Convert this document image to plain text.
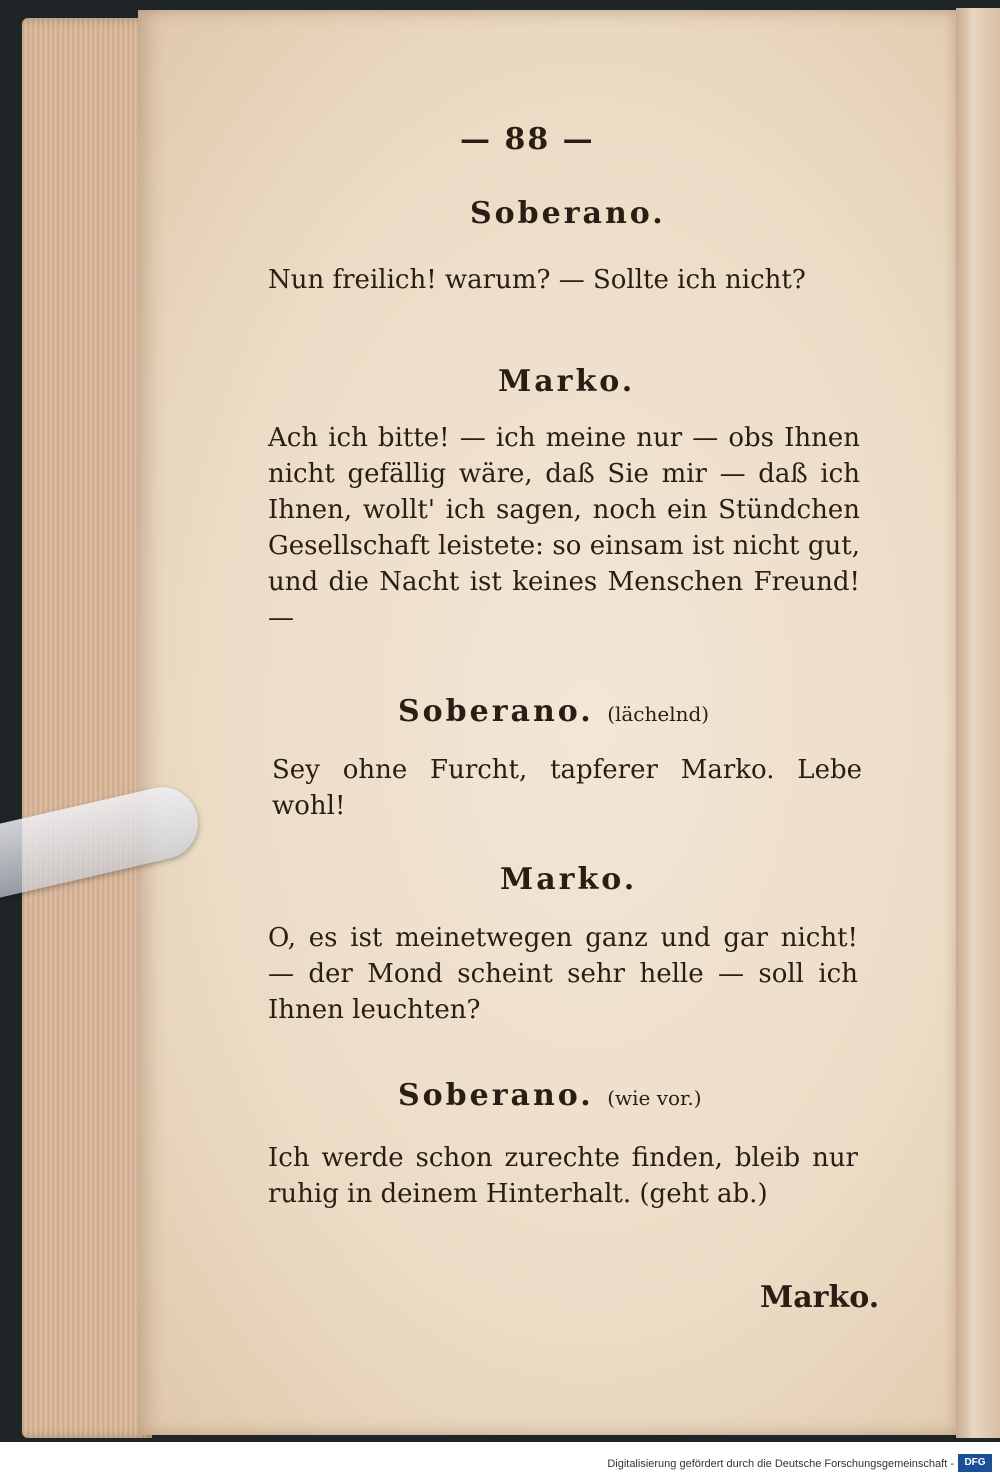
— 88 —
Soberano.
Nun freilich! warum? — Sollte ich nicht?
Marko.
Ach ich bitte! — ich meine nur — obs Ihnen nicht gefällig wäre, daß Sie mir — daß ich Ihnen, wollt' ich sagen, noch ein Stündchen Gesellschaft leistete: so einsam ist nicht gut, und die Nacht ist keines Menschen Freund! —
Soberano. (lächelnd)
Sey ohne Furcht, tapferer Marko. Lebe wohl!
Marko.
O, es ist meinetwegen ganz und gar nicht! — der Mond scheint sehr helle — soll ich Ihnen leuchten?
Soberano. (wie vor.)
Ich werde schon zurechte finden, bleib nur ruhig in deinem Hinterhalt. (geht ab.)
Marko.
Digitalisierung gefördert durch die Deutsche Forschungsgemeinschaft -	DFG
